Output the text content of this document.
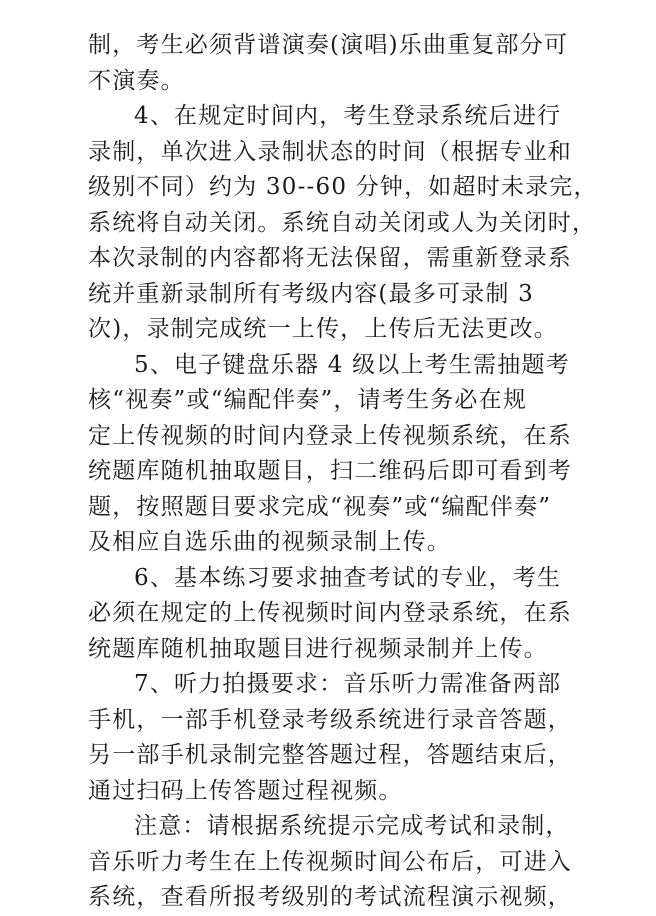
制，考生必须背谱演奏(演唱)乐曲重复部分可
不演奏。
4、在规定时间内，考生登录系统后进行
录制，单次进入录制状态的时间（根据专业和
级别不同）约为 30--60 分钟，如超时未录完，
系统将自动关闭。系统自动关闭或人为关闭时，
本次录制的内容都将无法保留，需重新登录系
统并重新录制所有考级内容(最多可录制 3
次)，录制完成统一上传，上传后无法更改。
5、电子键盘乐器 4 级以上考生需抽题考
核“视奏”或“编配伴奏”，请考生务必在规
定上传视频的时间内登录上传视频系统，在系
统题库随机抽取题目，扫二维码后即可看到考
题，按照题目要求完成“视奏”或“编配伴奏”
及相应自选乐曲的视频录制上传。
6、基本练习要求抽查考试的专业，考生
必须在规定的上传视频时间内登录系统，在系
统题库随机抽取题目进行视频录制并上传。
7、听力拍摄要求：音乐听力需准备两部
手机，一部手机登录考级系统进行录音答题，
另一部手机录制完整答题过程，答题结束后，
通过扫码上传答题过程视频。
注意：请根据系统提示完成考试和录制，
音乐听力考生在上传视频时间公布后，可进入
系统，查看所报考级别的考试流程演示视频，
